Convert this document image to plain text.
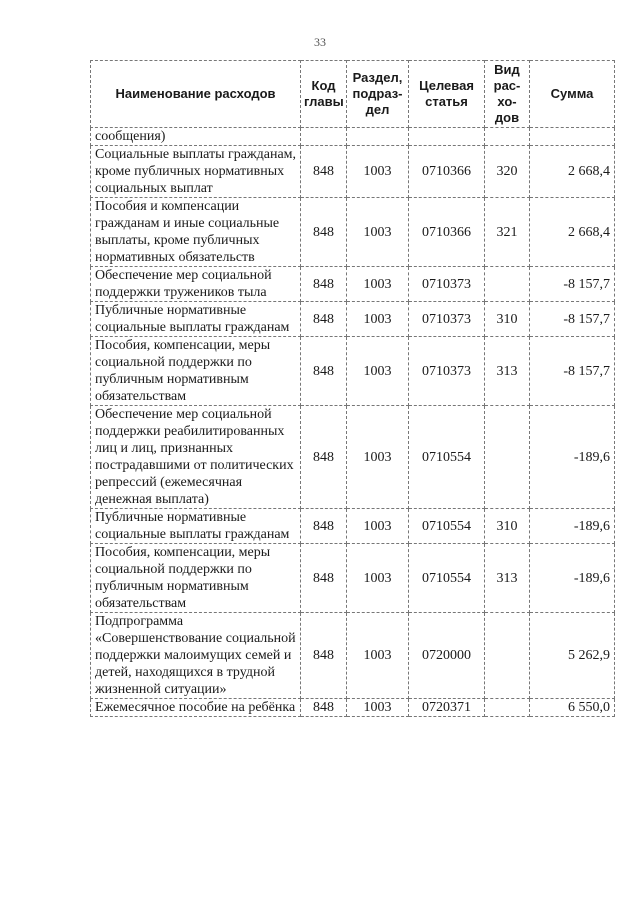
33
Наименование расходов	Код главы	Раздел, подраз-дел	Целевая статья	Вид рас-хо-дов	Сумма
сообщения)					
Социальные выплаты гражданам, кроме публичных нормативных социальных выплат	848	1003	0710366	320	2 668,4
Пособия и компенсации гражданам и иные социальные выплаты, кроме публичных нормативных обязательств	848	1003	0710366	321	2 668,4
Обеспечение мер социальной поддержки тружеников тыла	848	1003	0710373		-8 157,7
Публичные нормативные социальные выплаты гражданам	848	1003	0710373	310	-8 157,7
Пособия, компенсации, меры социальной поддержки по публичным нормативным обязательствам	848	1003	0710373	313	-8 157,7
Обеспечение мер социальной поддержки реабилитированных лиц и лиц, признанных пострадавшими от политических репрессий (ежемесячная денежная выплата)	848	1003	0710554		-189,6
Публичные нормативные социальные выплаты гражданам	848	1003	0710554	310	-189,6
Пособия, компенсации, меры социальной поддержки по публичным нормативным обязательствам	848	1003	0710554	313	-189,6
Подпрограмма «Совершенствование социальной поддержки малоимущих семей и детей, находящихся в трудной жизненной ситуации»	848	1003	0720000		5 262,9
Ежемесячное пособие на ребёнка	848	1003	0720371		6 550,0
